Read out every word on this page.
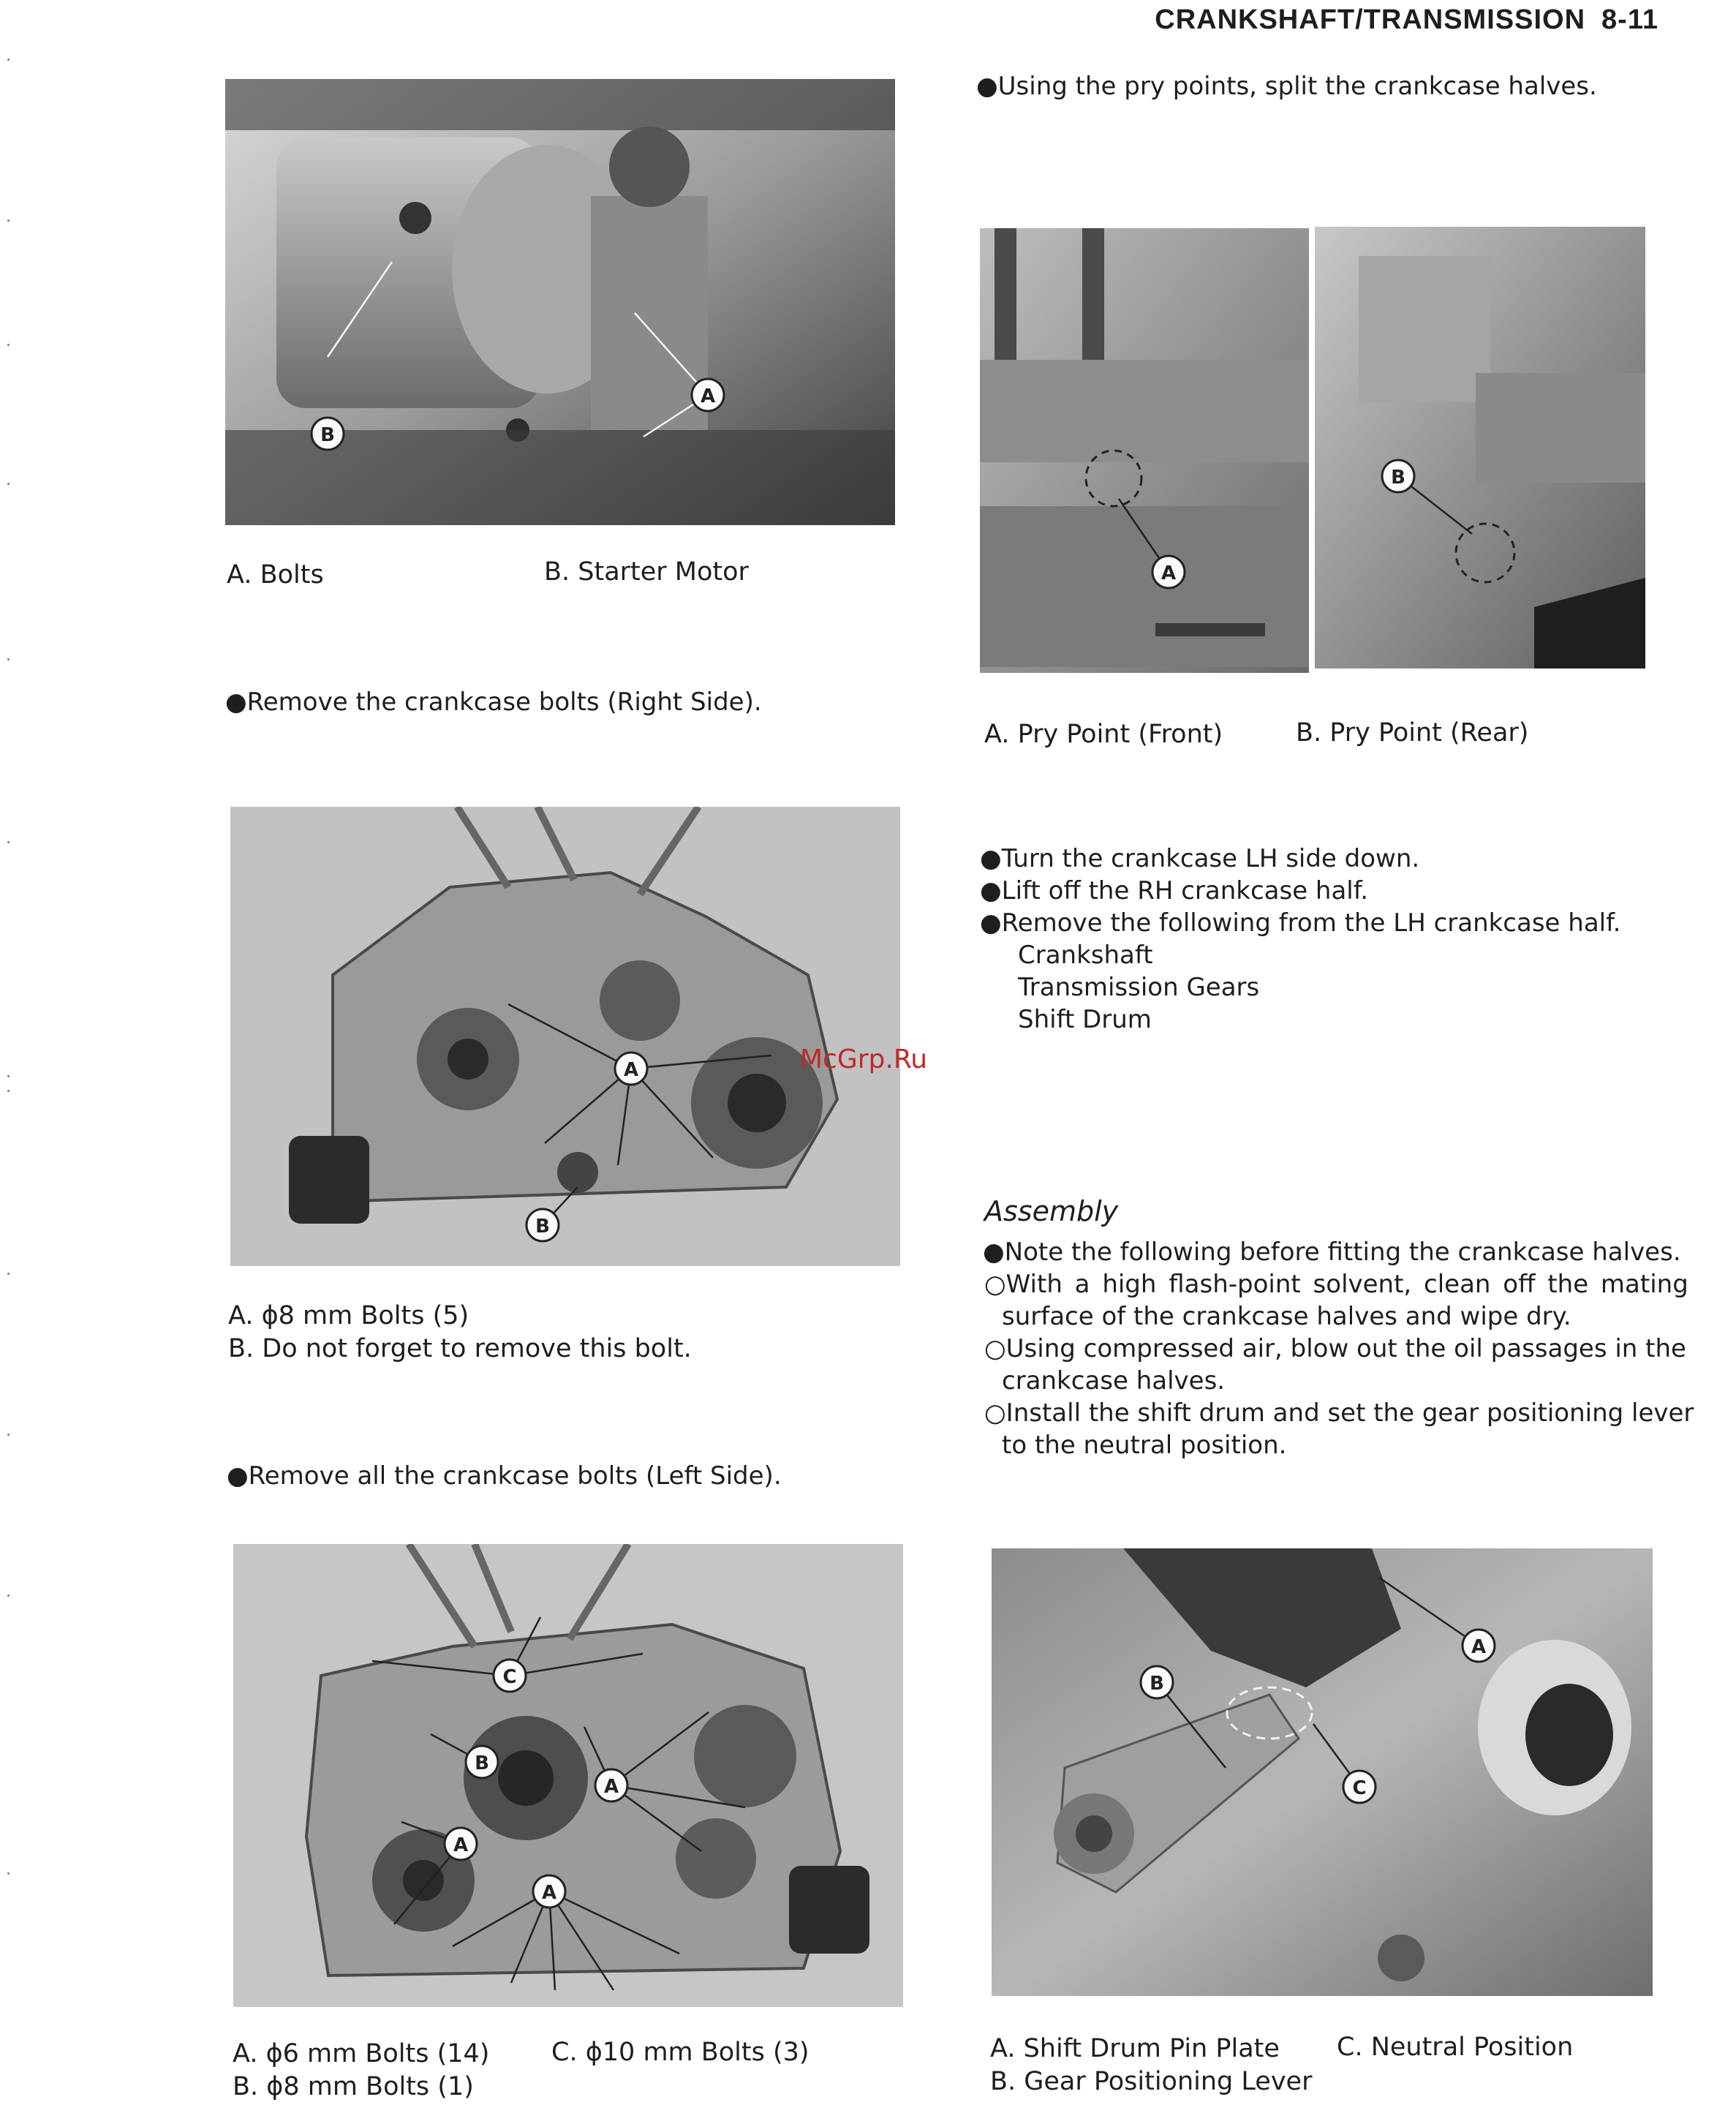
CRANKSHAFT/TRANSMISSION 8-11
A
B
A. Bolts	B. Starter Motor
●Remove the crankcase bolts (Right Side).
A
B
A. ϕ8 mm Bolts (5)
B. Do not forget to remove this bolt.
●Remove all the crankcase bolts (Left Side).
A
A
A
B
C
A. ϕ6 mm Bolts (14)
B. ϕ8 mm Bolts (1)
C. ϕ10 mm Bolts (3)
●Using the pry points, split the crankcase halves.
A
B
A. Pry Point (Front)	B. Pry Point (Rear)
●Turn the crankcase LH side down.
●Lift off the RH crankcase half.
●Remove the following from the LH crankcase half.
Crankshaft
Transmission Gears
Shift Drum
McGrp.Ru
Assembly
●Note the following before fitting the crankcase halves.
○With a high flash-point solvent, clean off the mating
surface of the crankcase halves and wipe dry.
○Using compressed air, blow out the oil passages in the
crankcase halves.
○Install the shift drum and set the gear positioning lever
to the neutral position.
A
B
C
A. Shift Drum Pin Plate
B. Gear Positioning Lever
C. Neutral Position
